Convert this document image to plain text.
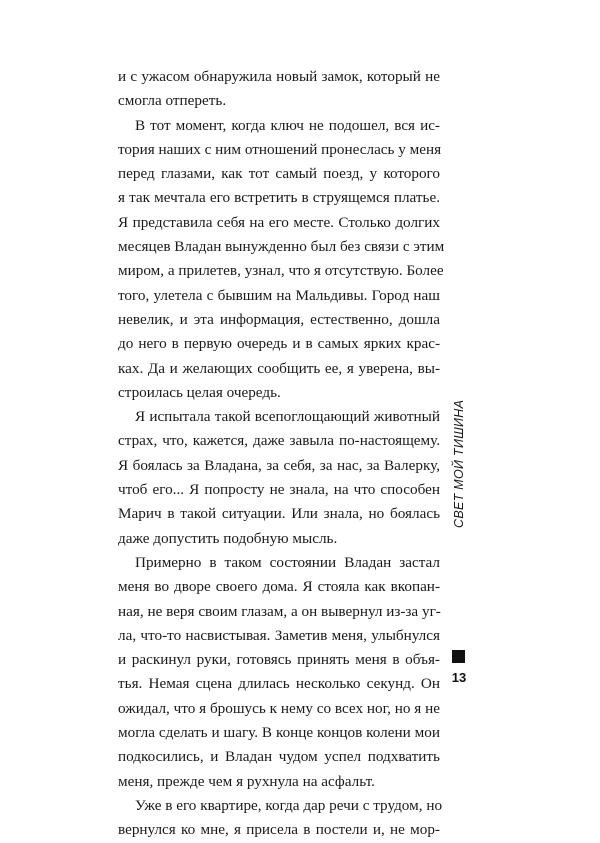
и с ужасом обнаружила новый замок, который не
смогла отпереть.
В тот момент, когда ключ не подошел, вся ис-
тория наших с ним отношений пронеслась у меня
перед глазами, как тот самый поезд, у которого
я так мечтала его встретить в струящемся платье.
Я представила себя на его месте. Столько долгих
месяцев Владан вынужденно был без связи с этим
миром, а прилетев, узнал, что я отсутствую. Более
того, улетела с бывшим на Мальдивы. Город наш
невелик, и эта информация, естественно, дошла
до него в первую очередь и в самых ярких крас-
ках. Да и желающих сообщить ее, я уверена, вы-
строилась целая очередь.
Я испытала такой всепоглощающий животный
страх, что, кажется, даже завыла по-настоящему.
Я боялась за Владана, за себя, за нас, за Валерку,
чтоб его... Я попросту не знала, на что способен
Марич в такой ситуации. Или знала, но боялась
даже допустить подобную мысль.
Примерно в таком состоянии Владан застал
меня во дворе своего дома. Я стояла как вкопан-
ная, не веря своим глазам, а он вывернул из-за уг-
ла, что-то насвистывая. Заметив меня, улыбнулся
и раскинул руки, готовясь принять меня в объя-
тья. Немая сцена длилась несколько секунд. Он
ожидал, что я брошусь к нему со всех ног, но я не
могла сделать и шагу. В конце концов колени мои
подкосились, и Владан чудом успел подхватить
меня, прежде чем я рухнула на асфальт.
Уже в его квартире, когда дар речи с трудом, но
вернулся ко мне, я присела в постели и, не мор-
СВЕТ МОЙ ТИШИНА
13
